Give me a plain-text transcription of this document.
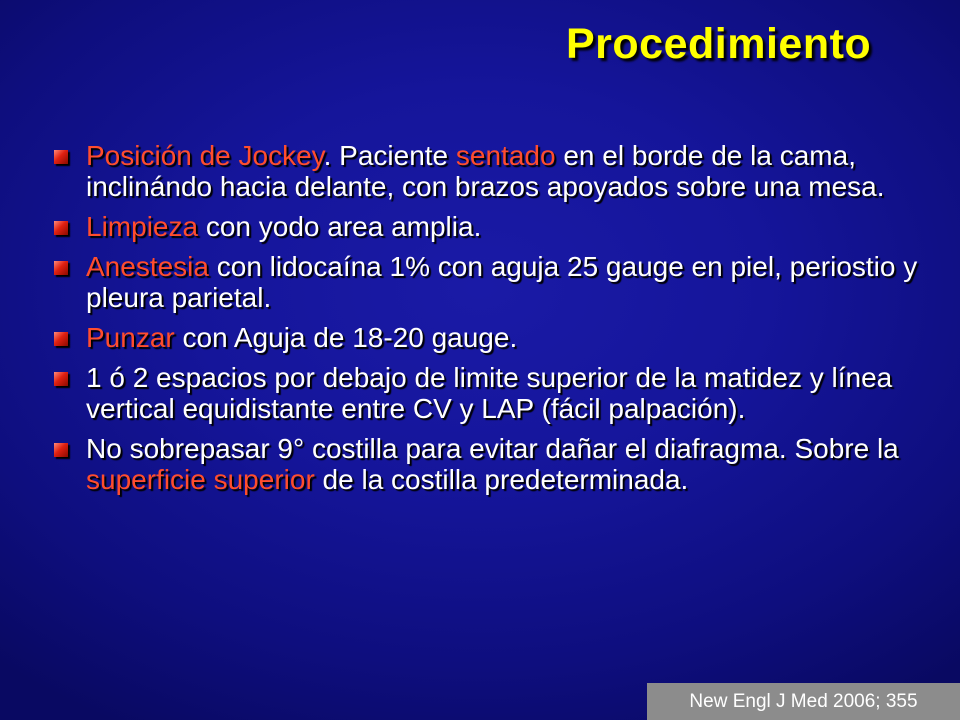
Procedimiento
Posición de Jockey. Paciente sentado en el borde de la cama, inclinándo hacia delante, con brazos apoyados sobre una mesa.
Limpieza con yodo area amplia.
Anestesia con lidocaína 1% con aguja 25 gauge en piel, periostio y pleura parietal.
Punzar con Aguja de 18-20 gauge.
1 ó 2 espacios por debajo de limite superior de la matidez y línea vertical equidistante entre CV y LAP (fácil palpación).
No sobrepasar 9° costilla para evitar dañar el diafragma. Sobre la superficie superior de la costilla predeterminada.
New Engl J Med 2006; 355
